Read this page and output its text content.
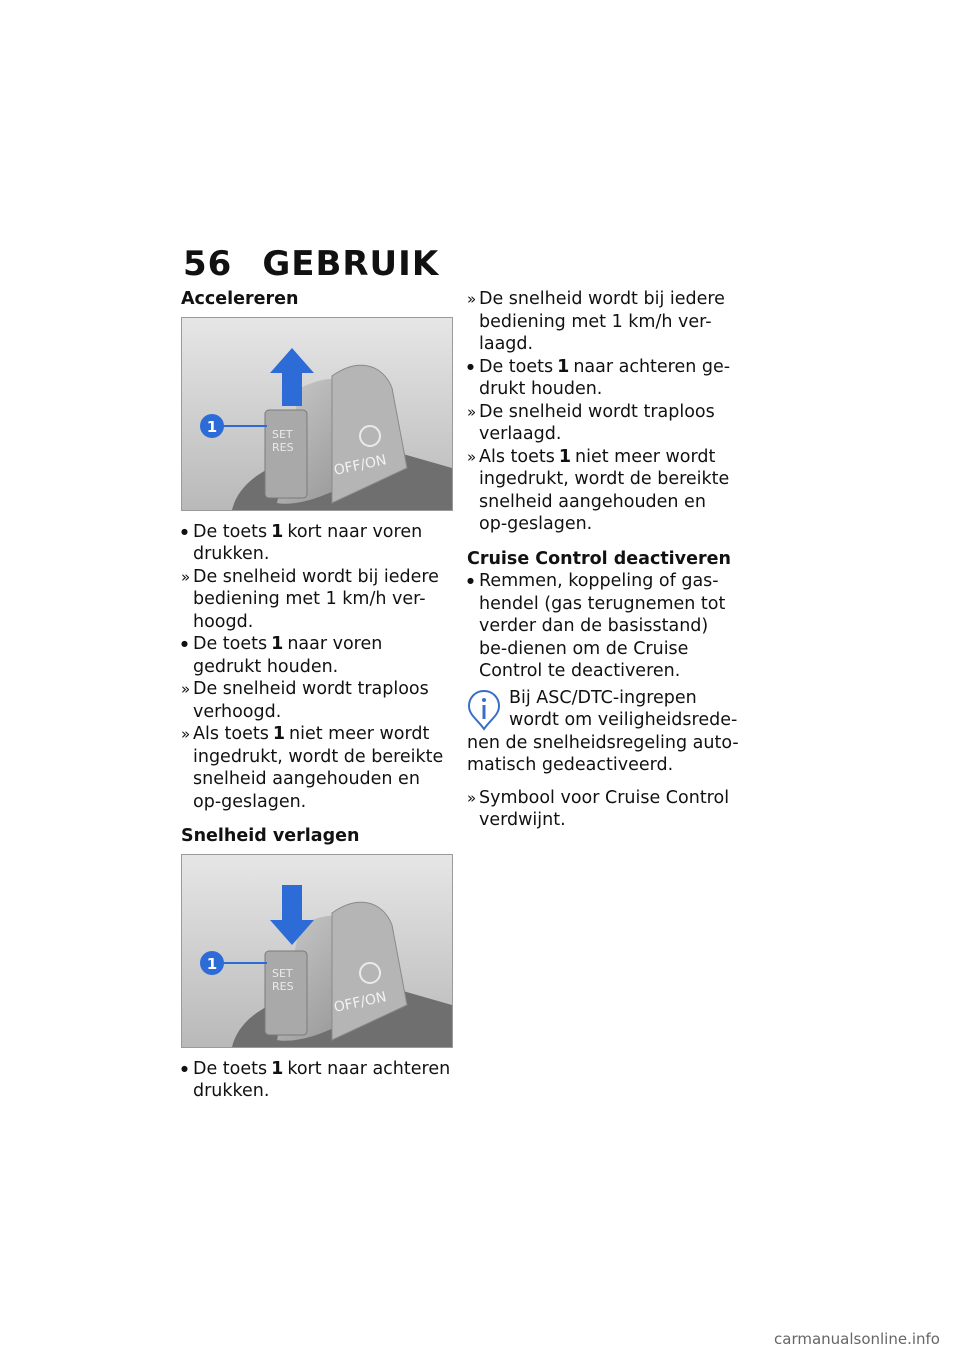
56 GEBRUIK
Accelereren
SET
RES
OFF/ON
1
●
De toets 1 kort naar voren drukken.
»
De snelheid wordt bij iedere bediening met 1 km/h ver-hoogd.
●
De toets 1 naar voren gedrukt houden.
»
De snelheid wordt traploos verhoogd.
»
Als toets 1 niet meer wordt ingedrukt, wordt de bereikte snelheid aangehouden en op-geslagen.
Snelheid verlagen
SET
RES
OFF/ON
1
●
De toets 1 kort naar achteren drukken.
»
De snelheid wordt bij iedere bediening met 1 km/h ver-laagd.
●
De toets 1 naar achteren ge-drukt houden.
»
De snelheid wordt traploos verlaagd.
»
Als toets 1 niet meer wordt ingedrukt, wordt de bereikte snelheid aangehouden en op-geslagen.
Cruise Control deactiveren
●
Remmen, koppeling of gas-hendel (gas terugnemen tot verder dan de basisstand) be-dienen om de Cruise Control te deactiveren.
Bij ASC/DTC-ingrepen wordt om veiligheidsrede-nen de snelheidsregeling auto-matisch gedeactiveerd.
»
Symbool voor Cruise Control verdwijnt.
carmanualsonline.info
